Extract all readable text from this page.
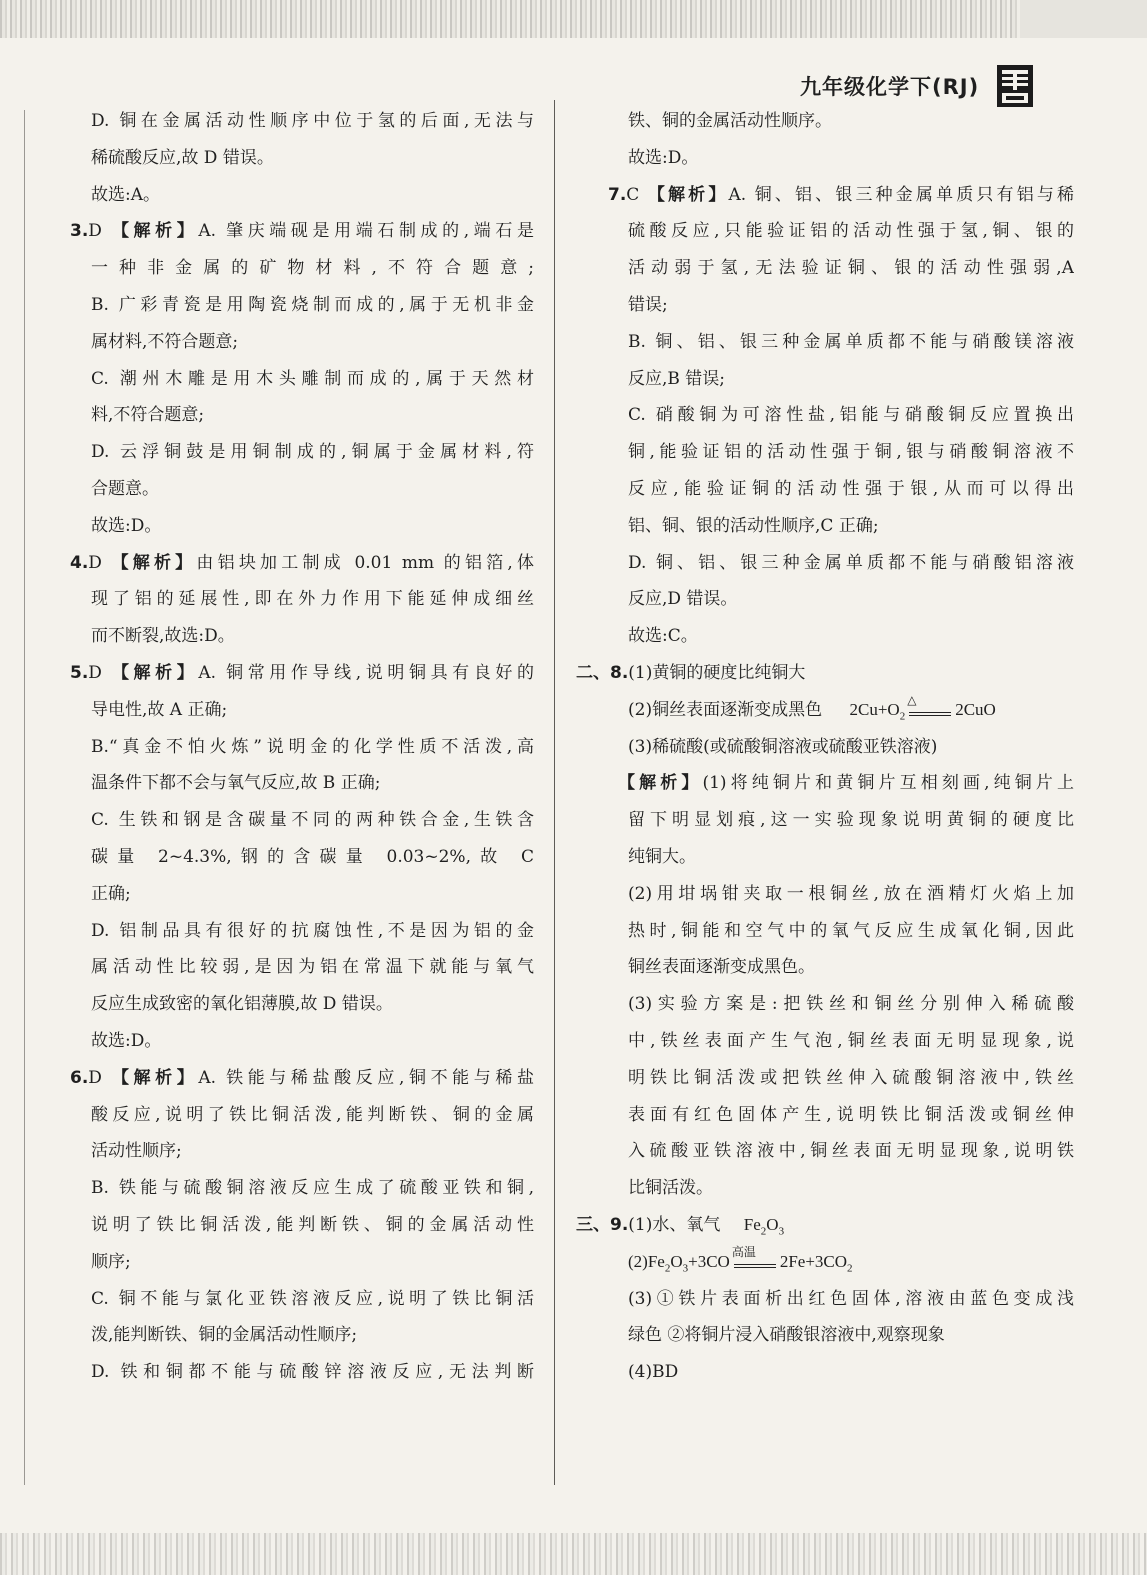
九年级化学下(RJ)
D. 铜在金属活动性顺序中位于氢的后面,无法与
稀硫酸反应,故 D 错误。
故选:A。
3.D 【解析】A. 肇庆端砚是用端石制成的,端石是
一种非金属的矿物材料,不符合题意;
B. 广彩青瓷是用陶瓷烧制而成的,属于无机非金
属材料,不符合题意;
C. 潮州木雕是用木头雕制而成的,属于天然材
料,不符合题意;
D. 云浮铜鼓是用铜制成的,铜属于金属材料,符
合题意。
故选:D。
4.D 【解析】由铝块加工制成 0.01 mm 的铝箔,体
现了铝的延展性,即在外力作用下能延伸成细丝
而不断裂,故选:D。
5.D 【解析】A. 铜常用作导线,说明铜具有良好的
导电性,故 A 正确;
B.“真金不怕火炼”说明金的化学性质不活泼,高
温条件下都不会与氧气反应,故 B 正确;
C. 生铁和钢是含碳量不同的两种铁合金,生铁含
碳量 2~4.3%,钢的含碳量 0.03~2%,故 C
正确;
D. 铝制品具有很好的抗腐蚀性,不是因为铝的金
属活动性比较弱,是因为铝在常温下就能与氧气
反应生成致密的氧化铝薄膜,故 D 错误。
故选:D。
6.D 【解析】A. 铁能与稀盐酸反应,铜不能与稀盐
酸反应,说明了铁比铜活泼,能判断铁、铜的金属
活动性顺序;
B. 铁能与硫酸铜溶液反应生成了硫酸亚铁和铜,
说明了铁比铜活泼,能判断铁、铜的金属活动性
顺序;
C. 铜不能与氯化亚铁溶液反应,说明了铁比铜活
泼,能判断铁、铜的金属活动性顺序;
D. 铁和铜都不能与硫酸锌溶液反应,无法判断
铁、铜的金属活动性顺序。
故选:D。
7.C 【解析】A. 铜、铝、银三种金属单质只有铝与稀
硫酸反应,只能验证铝的活动性强于氢,铜、银的
活动弱于氢,无法验证铜、银的活动性强弱,A
错误;
B. 铜、铝、银三种金属单质都不能与硝酸镁溶液
反应,B 错误;
C. 硝酸铜为可溶性盐,铝能与硝酸铜反应置换出
铜,能验证铝的活动性强于铜,银与硝酸铜溶液不
反应,能验证铜的活动性强于银,从而可以得出
铝、铜、银的活动性顺序,C 正确;
D. 铜、铝、银三种金属单质都不能与硝酸铝溶液
反应,D 错误。
故选:C。
二、8.(1)黄铜的硬度比纯铜大
(2)铜丝表面逐渐变成黑色 $2Cu+O_2$
△	2CuO
(3)稀硫酸(或硫酸铜溶液或硫酸亚铁溶液)
【解析】(1)将纯铜片和黄铜片互相刻画,纯铜片上
留下明显划痕,这一实验现象说明黄铜的硬度比
纯铜大。
(2)用坩埚钳夹取一根铜丝,放在酒精灯火焰上加
热时,铜能和空气中的氧气反应生成氧化铜,因此
铜丝表面逐渐变成黑色。
(3)实验方案是:把铁丝和铜丝分别伸入稀硫酸
中,铁丝表面产生气泡,铜丝表面无明显现象,说
明铁比铜活泼或把铁丝伸入硫酸铜溶液中,铁丝
表面有红色固体产生,说明铁比铜活泼或铜丝伸
入硫酸亚铁溶液中,铜丝表面无明显现象,说明铁
比铜活泼。
三、9.(1)水、氧气 $Fe_2O_3$
$(2)Fe_2O_3+3CO$ 高温	$2Fe+3CO_2$
(3)①铁片表面析出红色固体,溶液由蓝色变成浅
绿色 ②将铜片浸入硝酸银溶液中,观察现象
(4)BD
